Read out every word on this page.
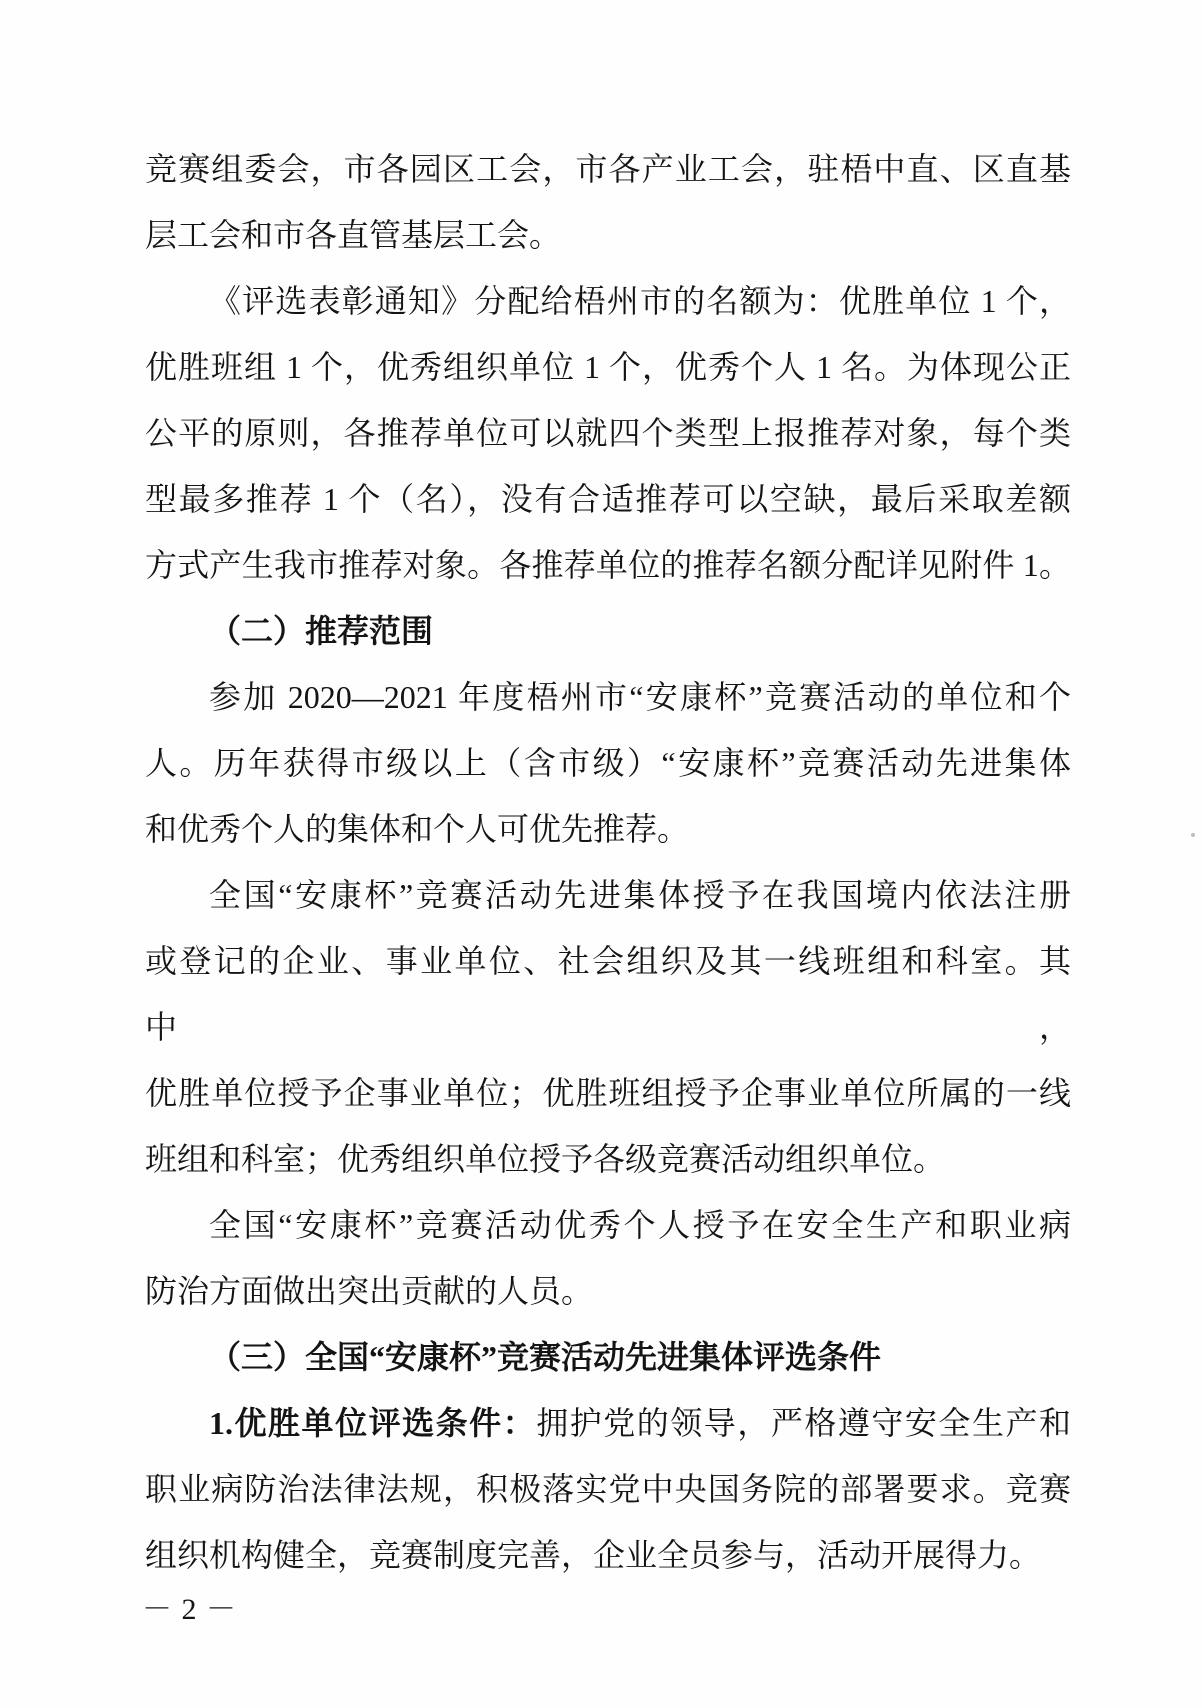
竞赛组委会，市各园区工会，市各产业工会，驻梧中直、区直基
层工会和市各直管基层工会。
《评选表彰通知》分配给梧州市的名额为：优胜单位 1 个，
优胜班组 1 个，优秀组织单位 1 个，优秀个人 1 名。为体现公正
公平的原则，各推荐单位可以就四个类型上报推荐对象，每个类
型最多推荐 1 个（名），没有合适推荐可以空缺，最后采取差额
方式产生我市推荐对象。各推荐单位的推荐名额分配详见附件 1。
（二）推荐范围
参加 2020—2021 年度梧州市“安康杯”竞赛活动的单位和个
人。历年获得市级以上（含市级）“安康杯”竞赛活动先进集体
和优秀个人的集体和个人可优先推荐。
全国“安康杯”竞赛活动先进集体授予在我国境内依法注册
或登记的企业、事业单位、社会组织及其一线班组和科室。其中，
优胜单位授予企事业单位；优胜班组授予企事业单位所属的一线
班组和科室；优秀组织单位授予各级竞赛活动组织单位。
全国“安康杯”竞赛活动优秀个人授予在安全生产和职业病
防治方面做出突出贡献的人员。
（三）全国“安康杯”竞赛活动先进集体评选条件
1.优胜单位评选条件：拥护党的领导，严格遵守安全生产和
职业病防治法律法规，积极落实党中央国务院的部署要求。竞赛
组织机构健全，竞赛制度完善，企业全员参与，活动开展得力。
－ 2 －
